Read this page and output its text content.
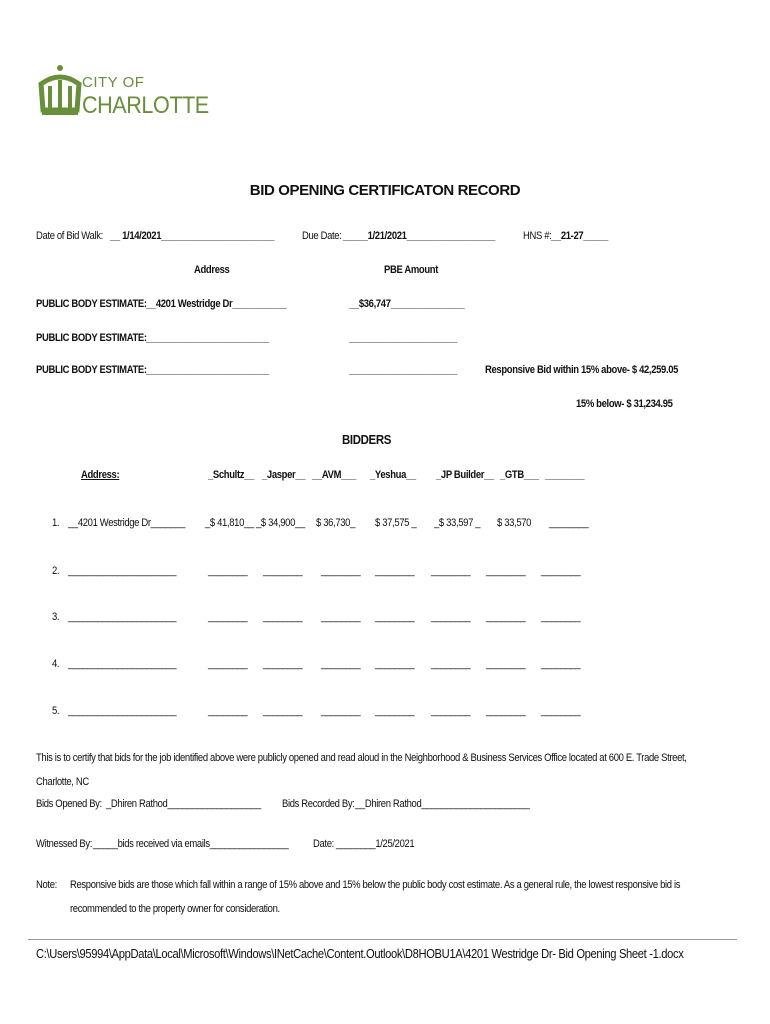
CITY OF
CHARLOTTE
BID OPENING CERTIFICATON RECORD
Date of Bid Walk: __ 1/14/2021_______________________	Due Date: _____1/21/2021__________________	HNS #: __21-27_____
Address	PBE Amount
PUBLIC BODY ESTIMATE: __4201 Westridge Dr___________	__$36,747_______________
PUBLIC BODY ESTIMATE: _________________________	______________________
PUBLIC BODY ESTIMATE: _________________________	______________________	Responsive Bid within 15% above- $ 42,259.05
15% below- $ 31,234.95
BIDDERS
Address:	_Schultz__ _Jasper__ __AVM___ _Yeshua__ _JP Builder__ _GTB___ ________
1. __4201 Westridge Dr_______ _$ 41,810__ _$ 34,900__ $ 36,730_ $ 37,575 _ _$ 33,597 _ $ 33,570 ________
2. ______________________	________ ________ ________ ________ ________ ________ ________
3. ______________________	________ ________ ________ ________ ________ ________ ________
4. ______________________	________ ________ ________ ________ ________ ________ ________
5. ______________________	________ ________ ________ ________ ________ ________ ________
This is to certify that bids for the job identified above were publicly opened and read aloud in the Neighborhood & Business Services Office located at 600 E. Trade Street,
Charlotte, NC
Bids Opened By: _Dhiren Rathod___________________ Bids Recorded By: __Dhiren Rathod______________________
Witnessed By: _____bids received via emails________________ Date: ________1/25/2021
Note: Responsive bids are those which fall within a range of 15% above and 15% below the public body cost estimate. As a general rule, the lowest responsive bid is
recommended to the property owner for consideration.
C:\Users\95994\AppData\Local\Microsoft\Windows\INetCache\Content.Outlook\D8HOBU1A\4201 Westridge Dr- Bid Opening Sheet -1.docx
